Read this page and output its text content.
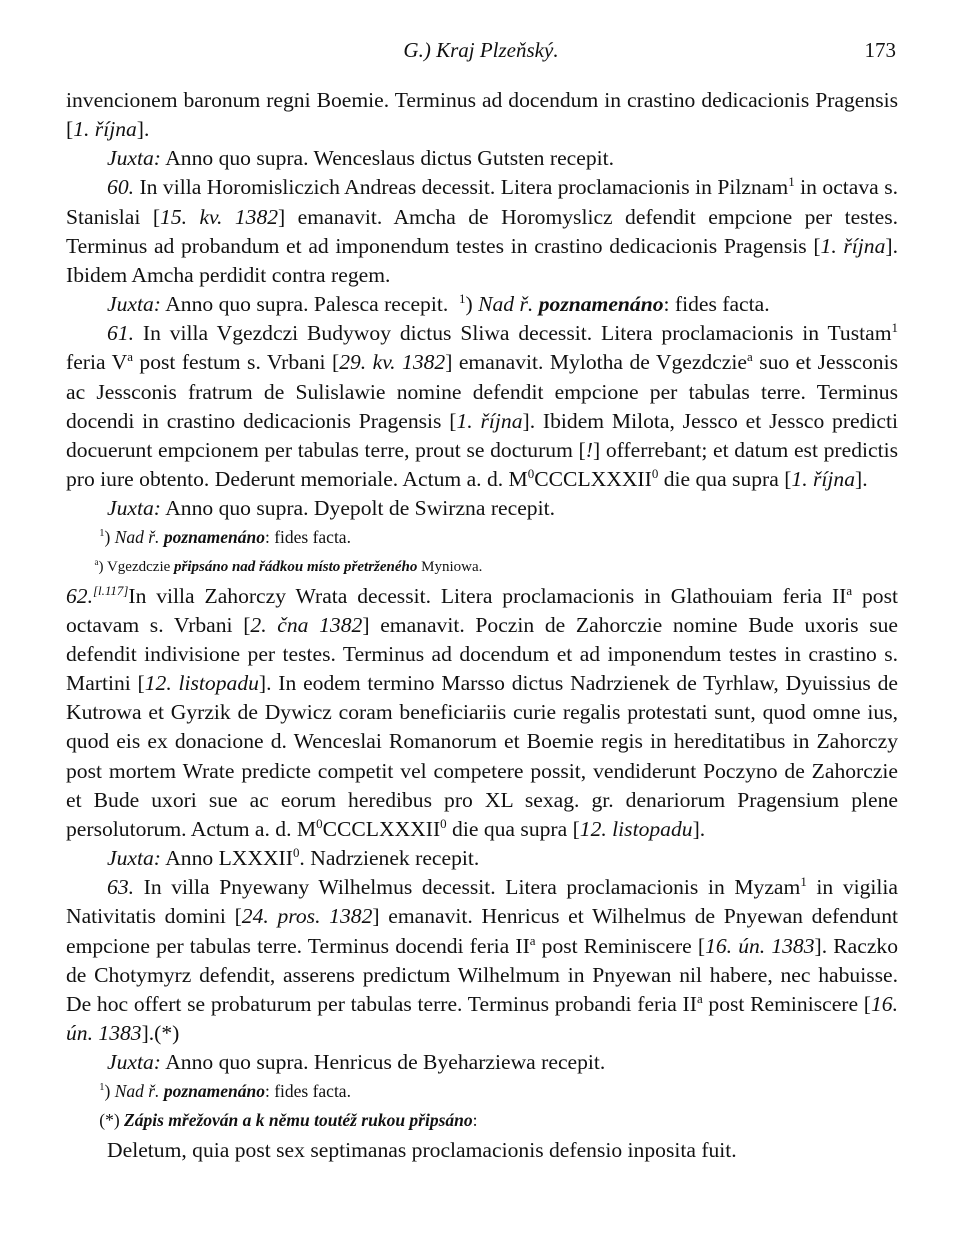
G.) Kraj Plzeňský.	173

invencionem baronum regni Boemie. Terminus ad docendum in crastino dedicacionis Pragensis [1. října].

Juxta: Anno quo supra. Wenceslaus dictus Gutsten recepit.

60. In villa Horomisliczich Andreas decessit. Litera proclamacionis in Pilznam$^1$ in octava s. Stanislai [15. kv. 1382] emanavit. Amcha de Horomyslicz defendit empcione per testes. Terminus ad probandum et ad imponendum testes in crastino dedicacionis Pragensis [1. října]. Ibidem Amcha perdidit contra regem.

Juxta: Anno quo supra. Palesca recepit.  $^1$) Nad ř. poznamenáno: fides facta.

61. In villa Vgezdczi Budywoy dictus Sliwa decessit. Litera proclamacionis in Tustam$^1$ feria $V^a$ post festum s. Vrbani [29. kv. 1382] emanavit. Mylotha de Vgezdczie$^a$ suo et Jessconis ac Jessconis fratrum de Sulislawie nomine defendit empcione per tabulas terre. Terminus docendi in crastino dedicacionis Pragensis [1. října]. Ibidem Milota, Jessco et Jessco predicti docuerunt empcionem per tabulas terre, prout se docturum [!] offerrebant; et datum est predictis pro iure obtento. Dederunt memoriale. Actum a. d. $M^0CCCLXXXII^0$ die qua supra [1. října].

Juxta: Anno quo supra. Dyepolt de Swirzna recepit.

$^1$) Nad ř. poznamenáno: fides facta.

$^a$) Vgezdczie připsáno nad řádkou místo přetrženého Myniowa.

62.[l.117]In villa Zahorczy Wrata decessit. Litera proclamacionis in Glathouiam feria $II^a$ post octavam s. Vrbani [2. čna 1382] emanavit. Poczin de Zahorczie nomine Bude uxoris sue defendit indivisione per testes. Terminus ad docendum et ad imponendum testes in crastino s. Martini [12. listopadu]. In eodem termino Marsso dictus Nadrzienek de Tyrhlaw, Dyuissius de Kutrowa et Gyrzik de Dywicz coram beneficiariis curie regalis protestati sunt, quod omne ius, quod eis ex donacione d. Wenceslai Romanorum et Boemie regis in hereditatibus in Zahorczy post mortem Wrate predicte competit vel competere possit, vendiderunt Poczyno de Zahorczie et Bude uxori sue ac eorum heredibus pro XL sexag. gr. denariorum Pragensium plene persolutorum. Actum a. d. $M^0CCCLXXXII^0$ die qua supra [12. listopadu].

Juxta: Anno LXXXII$^0$. Nadrzienek recepit.

63. In villa Pnyewany Wilhelmus decessit. Litera proclamacionis in Myzam$^1$ in vigilia Nativitatis domini [24. pros. 1382] emanavit. Henricus et Wilhelmus de Pnyewan defendunt empcione per tabulas terre. Terminus docendi feria $II^a$ post Reminiscere [16. ún. 1383]. Raczko de Chotymyrz defendit, asserens predictum Wilhelmum in Pnyewan nil habere, nec habuisse. De hoc offert se probaturum per tabulas terre. Terminus probandi feria $II^a$ post Reminiscere [16. ún. 1383].(*)

Juxta: Anno quo supra. Henricus de Byeharziewa recepit.

$^1$) Nad ř. poznamenáno: fides facta.

(*) Zápis mřežován a k němu toutéž rukou připsáno:

Deletum, quia post sex septimanas proclamacionis defensio inposita fuit.
